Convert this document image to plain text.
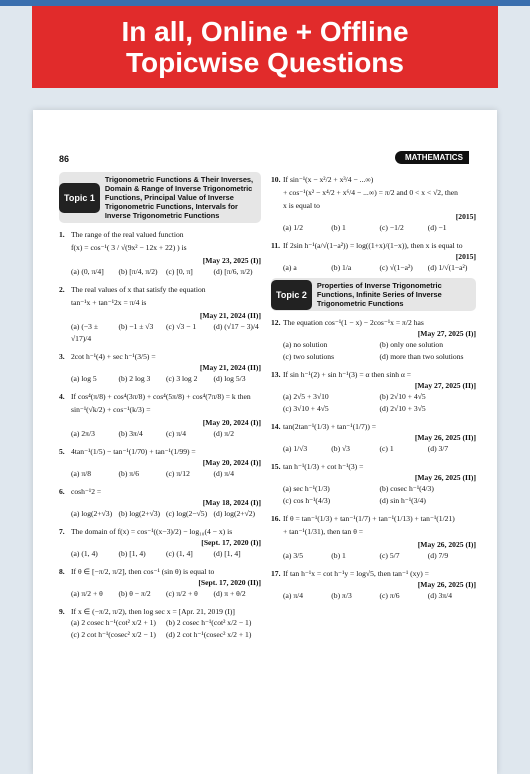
In all, Online + Offline
Topicwise Questions
86	MATHEMATICS
Topic 1
Trigonometric Functions & Their Inverses, Domain & Range of Inverse Trigonometric Functions, Principal Value of Inverse Trigonometric Functions, Intervals for Inverse Trigonometric Functions
1. The range of the real valued function
f(x) = cos⁻¹( 3 / √(9x² − 12x + 22) ) is
[May 23, 2025 (I)]
(a) (0, π/4]	(b) [π/4, π/2)	(c) [0, π]	(d) [π/6, π/2)
2. The real values of x that satisfy the equation
tan⁻¹x + tan⁻¹2x = π/4 is
[May 21, 2024 (II)]
(a) (−3 ± √17)/4
(b) −1 ± √3	(c) √3 − 1	(d) (√17 − 3)/4
3. 2cot h⁻¹(4) + sec h⁻¹(3/5) =
[May 21, 2024 (II)]
(a) log 5	(b) 2 log 3	(c) 3 log 2	(d) log 5/3
4. If cos⁴(π/8) + cos⁴(3π/8) + cos⁴(5π/8) + cos⁴(7π/8) = k then
sin⁻¹(√k/2) + cos⁻¹(k/3) =
[May 20, 2024 (I)]
(a) 2π/3	(b) 3π/4	(c) π/4	(d) π/2
5. 4tan⁻¹(1/5) − tan⁻¹(1/70) + tan⁻¹(1/99) =
[May 20, 2024 (I)]
(a) π/8	(b) π/6	(c) π/12	(d) π/4
6. cosh⁻¹2 =
[May 18, 2024 (I)]
(a) log(2+√3) (b) log(2+√3) (c) log(2−√5) (d) log(2+√2)
7. The domain of f(x) = cos⁻¹((x−3)/2) − log₁₀(4 − x) is
[Sept. 17, 2020 (I)]
(a) (1, 4)	(b) [1, 4)	(c) (1, 4]	(d) [1, 4]
8. If θ ∈ [−π/2, π/2], then cos⁻¹ (sin θ) is equal to
[Sept. 17, 2020 (II)]
(a) π/2 + θ	(b) θ − π/2	(c) π/2 + θ	(d) π + θ/2
9. If x ∈ (−π/2, π/2), then log sec x = [Apr. 21, 2019 (I)]
(a) 2 cosec h⁻¹(cot² x/2 + 1)	(b) 2 cosec h⁻¹(cot² x/2 − 1)
(c) 2 cot h⁻¹(cosec² x/2 − 1)	(d) 2 cot h⁻¹(cosec² x/2 + 1)
10. If sin⁻¹(x − x²/2 + x³/4 − ...∞)
+ cos⁻¹(x² − x⁴/2 + x⁶/4 − ...∞) = π/2 and 0 < x < √2, then
x is equal to
[2015]
(a) 1/2	(b) 1	(c) −1/2	(d) −1
11. If 2sin h⁻¹(a/√(1−a²)) = log((1+x)/(1−x)), then x is equal to
[2015]
(a) a	(b) 1/a	(c) √(1−a²)	(d) 1/√(1−a²)
Topic 2
Properties of Inverse Trigonometric Functions, Infinite Series of Inverse Trigonometric Functions
12. The equation cos⁻¹(1 − x) − 2cos⁻¹x = π/2 has
[May 27, 2025 (I)]
(a) no solution	(b) only one solution
(c) two solutions	(d) more than two solutions
13. If sin h⁻¹(2) + sin h⁻¹(3) = α then sinh α =
[May 27, 2025 (II)]
(a) 2√5 + 3√10	(b) 2√10 + 4√5
(c) 3√10 + 4√5	(d) 2√10 + 3√5
14. tan(2tan⁻¹(1/3) + tan⁻¹(1/7)) =
[May 26, 2025 (II)]
(a) 1/√3	(b) √3	(c) 1	(d) 3/7
15. tan h⁻¹(1/3) + cot h⁻¹(3) =
[May 26, 2025 (II)]
(a) sec h⁻¹(1/3)	(b) cosec h⁻¹(4/3)
(c) cos h⁻¹(4/3)	(d) sin h⁻¹(3/4)
16. If θ = tan⁻¹(1/3) + tan⁻¹(1/7) + tan⁻¹(1/13) + tan⁻¹(1/21)
+ tan⁻¹(1/31), then tan θ =
[May 26, 2025 (I)]
(a) 3/5	(b) 1	(c) 5/7	(d) 7/9
17. If tan h⁻¹x = cot h⁻¹y = log√5, then tan⁻¹ (xy) =
[May 26, 2025 (I)]
(a) π/4	(b) π/3	(c) π/6	(d) 3π/4
